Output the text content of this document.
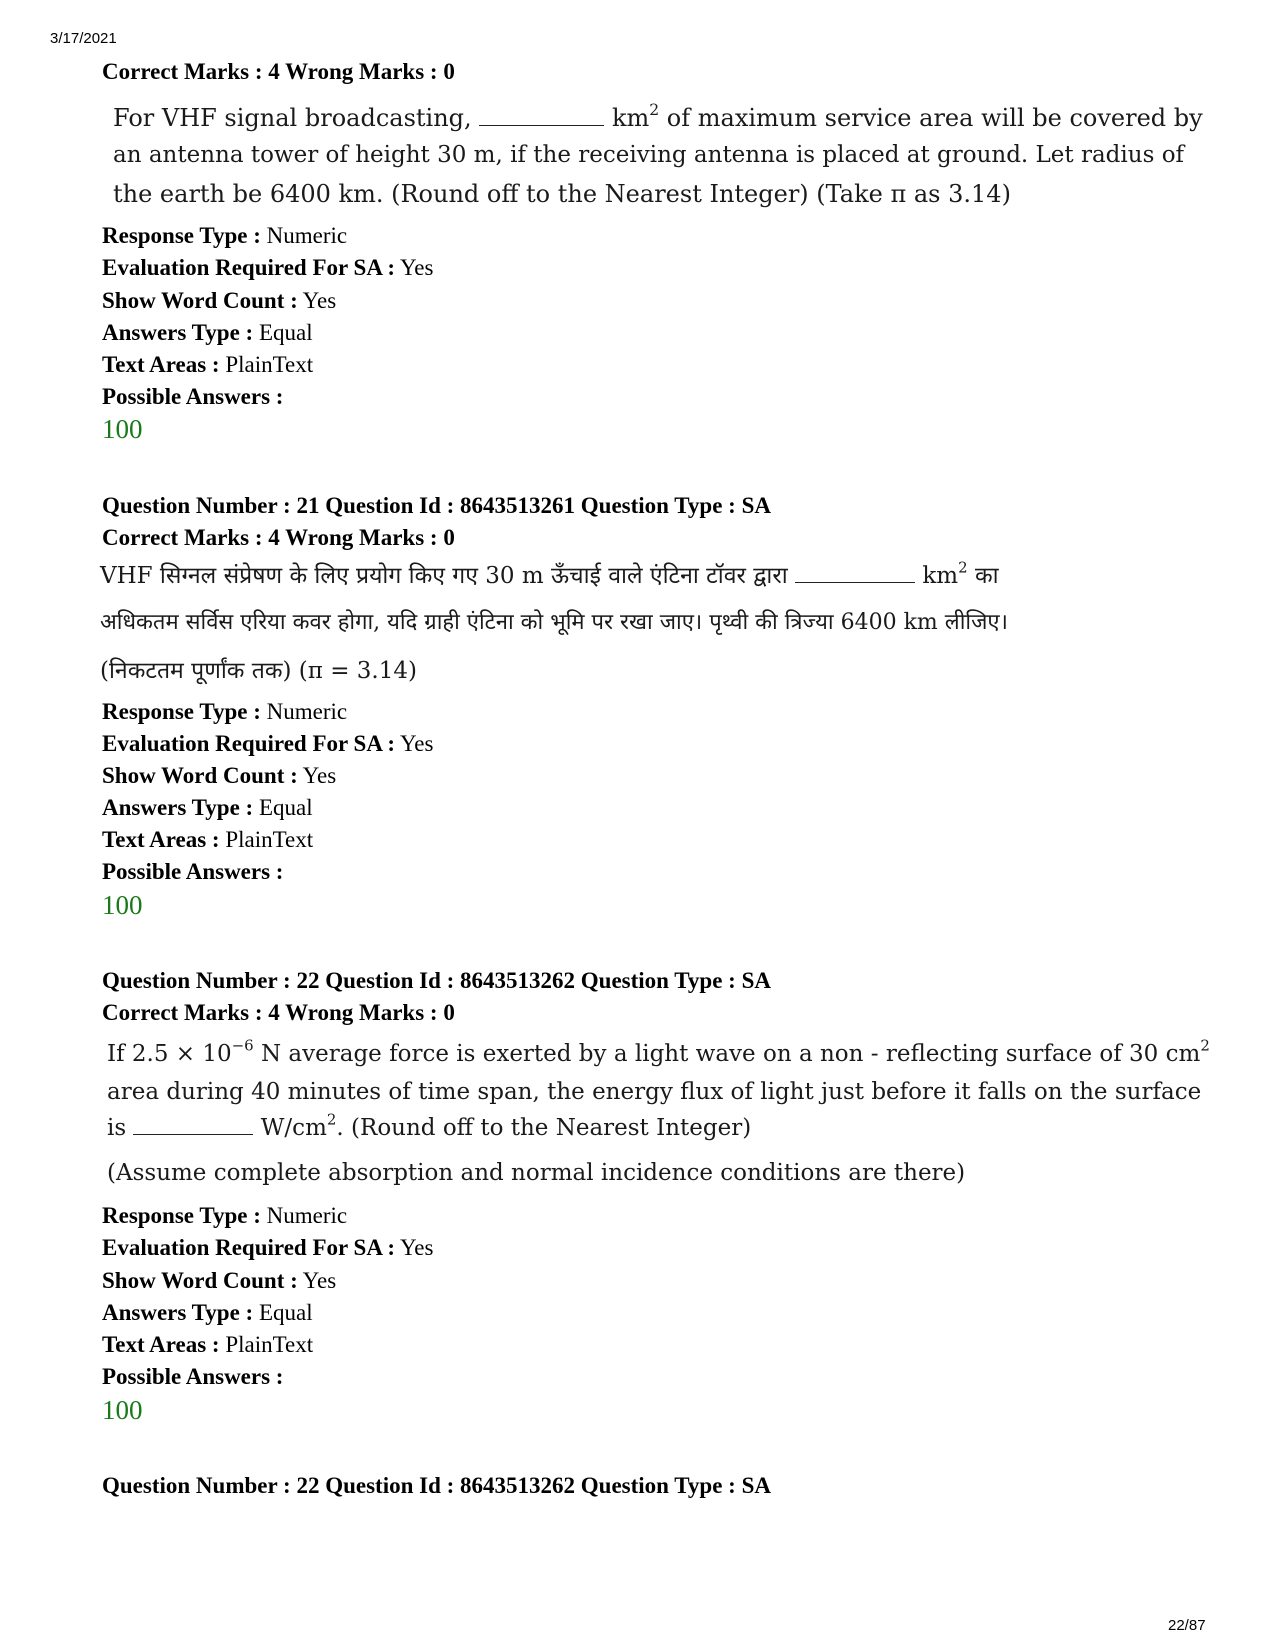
3/17/2021
Correct Marks : 4 Wrong Marks : 0
For VHF signal broadcasting,	$km^2$ of maximum service area will be covered by
an antenna tower of height 30 m, if the receiving antenna is placed at ground. Let radius of
the earth be 6400 km. (Round off to the Nearest Integer) (Take π as 3.14)
Response Type : Numeric
Evaluation Required For SA : Yes
Show Word Count : Yes
Answers Type : Equal
Text Areas : PlainText
Possible Answers :
100
Question Number : 21 Question Id : 8643513261 Question Type : SA
Correct Marks : 4 Wrong Marks : 0
VHF सिग्नल संप्रेषण के लिए प्रयोग किए गए 30 m ऊँचाई वाले एंटिना टॉवर द्वारा	$km^2$ का
अधिकतम सर्विस एरिया कवर होगा, यदि ग्राही एंटिना को भूमि पर रखा जाए। पृथ्वी की त्रिज्या 6400 km लीजिए।
(निकटतम पूर्णांक तक) (π = 3.14)
Response Type : Numeric
Evaluation Required For SA : Yes
Show Word Count : Yes
Answers Type : Equal
Text Areas : PlainText
Possible Answers :
100
Question Number : 22 Question Id : 8643513262 Question Type : SA
Correct Marks : 4 Wrong Marks : 0
If $2.5 \times 10^{-6}$ N average force is exerted by a light wave on a non - reflecting surface of 30 $cm^2$
area during 40 minutes of time span, the energy flux of light just before it falls on the surface
is	$W/cm^2$. (Round off to the Nearest Integer)
(Assume complete absorption and normal incidence conditions are there)
Response Type : Numeric
Evaluation Required For SA : Yes
Show Word Count : Yes
Answers Type : Equal
Text Areas : PlainText
Possible Answers :
100
Question Number : 22 Question Id : 8643513262 Question Type : SA
22/87
